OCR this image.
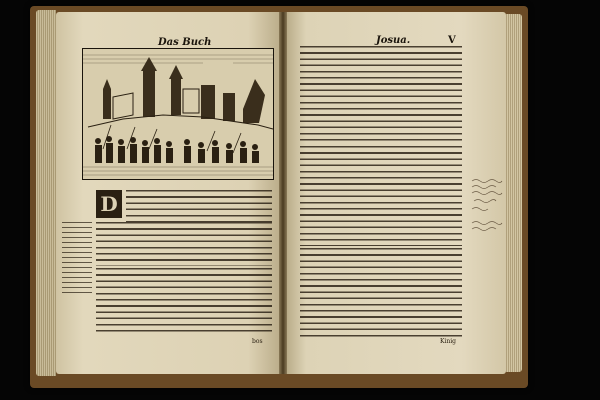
Das Buch	Josua.	V
D
bos	Kinig
